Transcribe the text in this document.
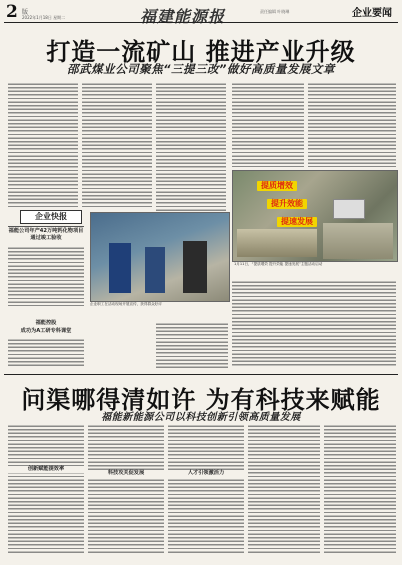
2 版
2022年1月18日 星期二	福建能源报	责任编辑 叶晓琳	企业要闻
打造一流矿山 推进产业升级
邵武煤业公司聚焦“三提三改”做好高质量发展文章
提质增效
提升效能
提速发展
1月11日，“提质增效 提升效能 提速发展”主题活动启动
企业快报
福能公司年产42万吨钙化物项目通过竣工验收
福能控股
成功为A工研专科课堂
企业职工在活动现场开展宣传，获得群众好评
问渠哪得清如许 为有科技来赋能
福能新能源公司以科技创新引领高质量发展
创新赋能提效率
科技攻关促发展	人才引领激活力
